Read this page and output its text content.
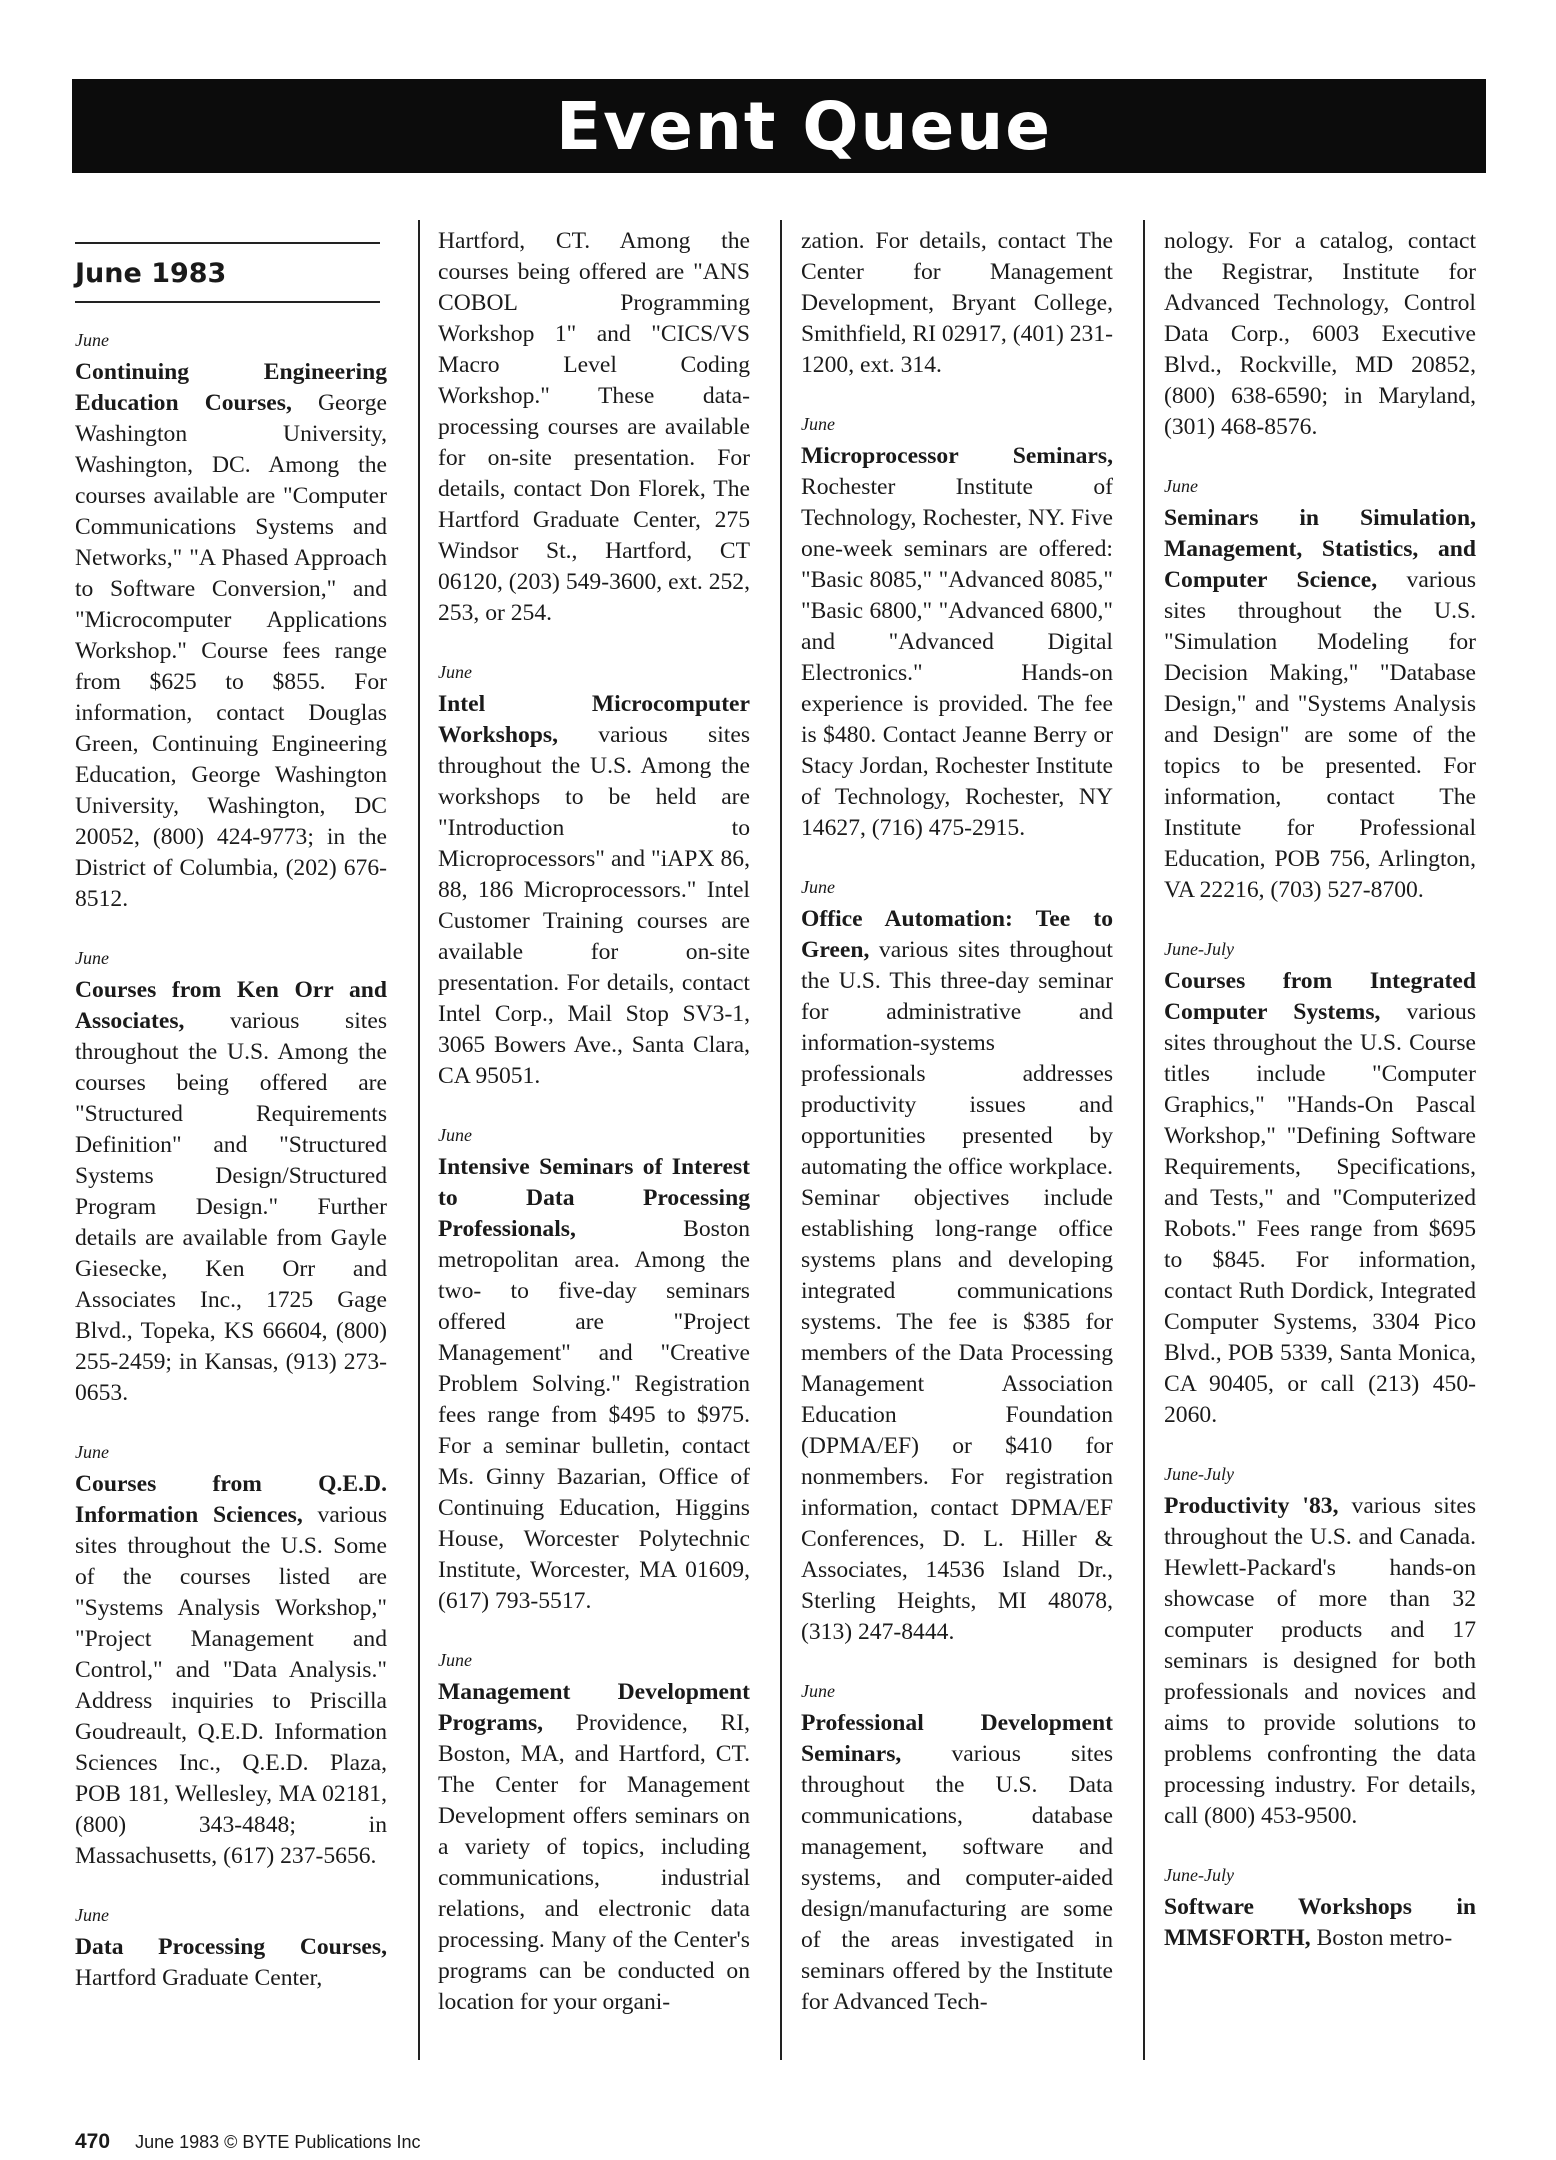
Event Queue
June 1983
June
Continuing Engineering Education Courses, George Washington University, Washington, DC. Among the courses available are "Computer Communications Systems and Networks," "A Phased Approach to Software Conversion," and "Microcomputer Applications Workshop." Course fees range from $625 to $855. For information, contact Douglas Green, Continuing Engineering Education, George Washington University, Washington, DC 20052, (800) 424-9773; in the District of Columbia, (202) 676-8512.
June
Courses from Ken Orr and Associates, various sites throughout the U.S. Among the courses being offered are "Structured Requirements Definition" and "Structured Systems Design/Structured Program Design." Further details are available from Gayle Giesecke, Ken Orr and Associates Inc., 1725 Gage Blvd., Topeka, KS 66604, (800) 255-2459; in Kansas, (913) 273-0653.
June
Courses from Q.E.D. Information Sciences, various sites throughout the U.S. Some of the courses listed are "Systems Analysis Workshop," "Project Management and Control," and "Data Analysis." Address inquiries to Priscilla Goudreault, Q.E.D. Information Sciences Inc., Q.E.D. Plaza, POB 181, Wellesley, MA 02181, (800) 343-4848; in Massachusetts, (617) 237-5656.
June
Data Processing Courses, Hartford Graduate Center,
Hartford, CT. Among the courses being offered are "ANS COBOL Programming Workshop 1" and "CICS/VS Macro Level Coding Workshop." These data-processing courses are available for on-site presentation. For details, contact Don Florek, The Hartford Graduate Center, 275 Windsor St., Hartford, CT 06120, (203) 549-3600, ext. 252, 253, or 254.
June
Intel Microcomputer Workshops, various sites throughout the U.S. Among the workshops to be held are "Introduction to Microprocessors" and "iAPX 86, 88, 186 Microprocessors." Intel Customer Training courses are available for on-site presentation. For details, contact Intel Corp., Mail Stop SV3-1, 3065 Bowers Ave., Santa Clara, CA 95051.
June
Intensive Seminars of Interest to Data Processing Professionals, Boston metropolitan area. Among the two- to five-day seminars offered are "Project Management" and "Creative Problem Solving." Registration fees range from $495 to $975. For a seminar bulletin, contact Ms. Ginny Bazarian, Office of Continuing Education, Higgins House, Worcester Polytechnic Institute, Worcester, MA 01609, (617) 793-5517.
June
Management Development Programs, Providence, RI, Boston, MA, and Hartford, CT. The Center for Management Development offers seminars on a variety of topics, including communications, industrial relations, and electronic data processing. Many of the Center's programs can be conducted on location for your organi-
zation. For details, contact The Center for Management Development, Bryant College, Smithfield, RI 02917, (401) 231-1200, ext. 314.
June
Microprocessor Seminars, Rochester Institute of Technology, Rochester, NY. Five one-week seminars are offered: "Basic 8085," "Advanced 8085," "Basic 6800," "Advanced 6800," and "Advanced Digital Electronics." Hands-on experience is provided. The fee is $480. Contact Jeanne Berry or Stacy Jordan, Rochester Institute of Technology, Rochester, NY 14627, (716) 475-2915.
June
Office Automation: Tee to Green, various sites throughout the U.S. This three-day seminar for administrative and information-systems professionals addresses productivity issues and opportunities presented by automating the office workplace. Seminar objectives include establishing long-range office systems plans and developing integrated communications systems. The fee is $385 for members of the Data Processing Management Association Education Foundation (DPMA/EF) or $410 for nonmembers. For registration information, contact DPMA/EF Conferences, D. L. Hiller & Associates, 14536 Island Dr., Sterling Heights, MI 48078, (313) 247-8444.
June
Professional Development Seminars, various sites throughout the U.S. Data communications, database management, software and systems, and computer-aided design/manufacturing are some of the areas investigated in seminars offered by the Institute for Advanced Tech-
nology. For a catalog, contact the Registrar, Institute for Advanced Technology, Control Data Corp., 6003 Executive Blvd., Rockville, MD 20852, (800) 638-6590; in Maryland, (301) 468-8576.
June
Seminars in Simulation, Management, Statistics, and Computer Science, various sites throughout the U.S. "Simulation Modeling for Decision Making," "Database Design," and "Systems Analysis and Design" are some of the topics to be presented. For information, contact The Institute for Professional Education, POB 756, Arlington, VA 22216, (703) 527-8700.
June-July
Courses from Integrated Computer Systems, various sites throughout the U.S. Course titles include "Computer Graphics," "Hands-On Pascal Workshop," "Defining Software Requirements, Specifications, and Tests," and "Computerized Robots." Fees range from $695 to $845. For information, contact Ruth Dordick, Integrated Computer Systems, 3304 Pico Blvd., POB 5339, Santa Monica, CA 90405, or call (213) 450-2060.
June-July
Productivity '83, various sites throughout the U.S. and Canada. Hewlett-Packard's hands-on showcase of more than 32 computer products and 17 seminars is designed for both professionals and novices and aims to provide solutions to problems confronting the data processing industry. For details, call (800) 453-9500.
June-July
Software Workshops in MMSFORTH, Boston metro-
470 June 1983 © BYTE Publications Inc
